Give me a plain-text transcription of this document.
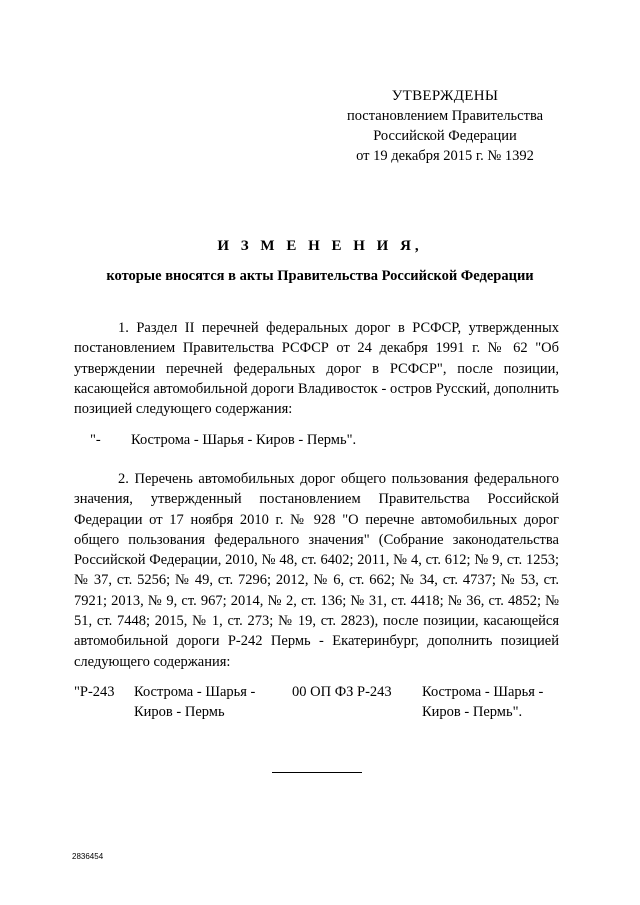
УТВЕРЖДЕНЫ
постановлением Правительства
Российской Федерации
от 19 декабря 2015 г. № 1392
И З М Е Н Е Н И Я,
которые вносятся в акты Правительства Российской Федерации
1. Раздел II перечней федеральных дорог в РСФСР, утвержденных постановлением Правительства РСФСР от 24 декабря 1991 г. № 62 "Об утверждении перечней федеральных дорог в РСФСР", после позиции, касающейся автомобильной дороги Владивосток - остров Русский, дополнить позицией следующего содержания:
"- Кострома - Шарья - Киров - Пермь".
2. Перечень автомобильных дорог общего пользования федерального значения, утвержденный постановлением Правительства Российской Федерации от 17 ноября 2010 г. № 928 "О перечне автомобильных дорог общего пользования федерального значения" (Собрание законодательства Российской Федерации, 2010, № 48, ст. 6402; 2011, № 4, ст. 612; № 9, ст. 1253; № 37, ст. 5256; № 49, ст. 7296; 2012, № 6, ст. 662; № 34, ст. 4737; № 53, ст. 7921; 2013, № 9, ст. 967; 2014, № 2, ст. 136; № 31, ст. 4418; № 36, ст. 4852; № 51, ст. 7448; 2015, № 1, ст. 273; № 19, ст. 2823), после позиции, касающейся автомобильной дороги Р-242 Пермь - Екатеринбург, дополнить позицией следующего содержания:
"Р-243 Кострома - Шарья - Киров - Пермь
00 ОП ФЗ Р-243 Кострома - Шарья - Киров - Пермь".
2836454
